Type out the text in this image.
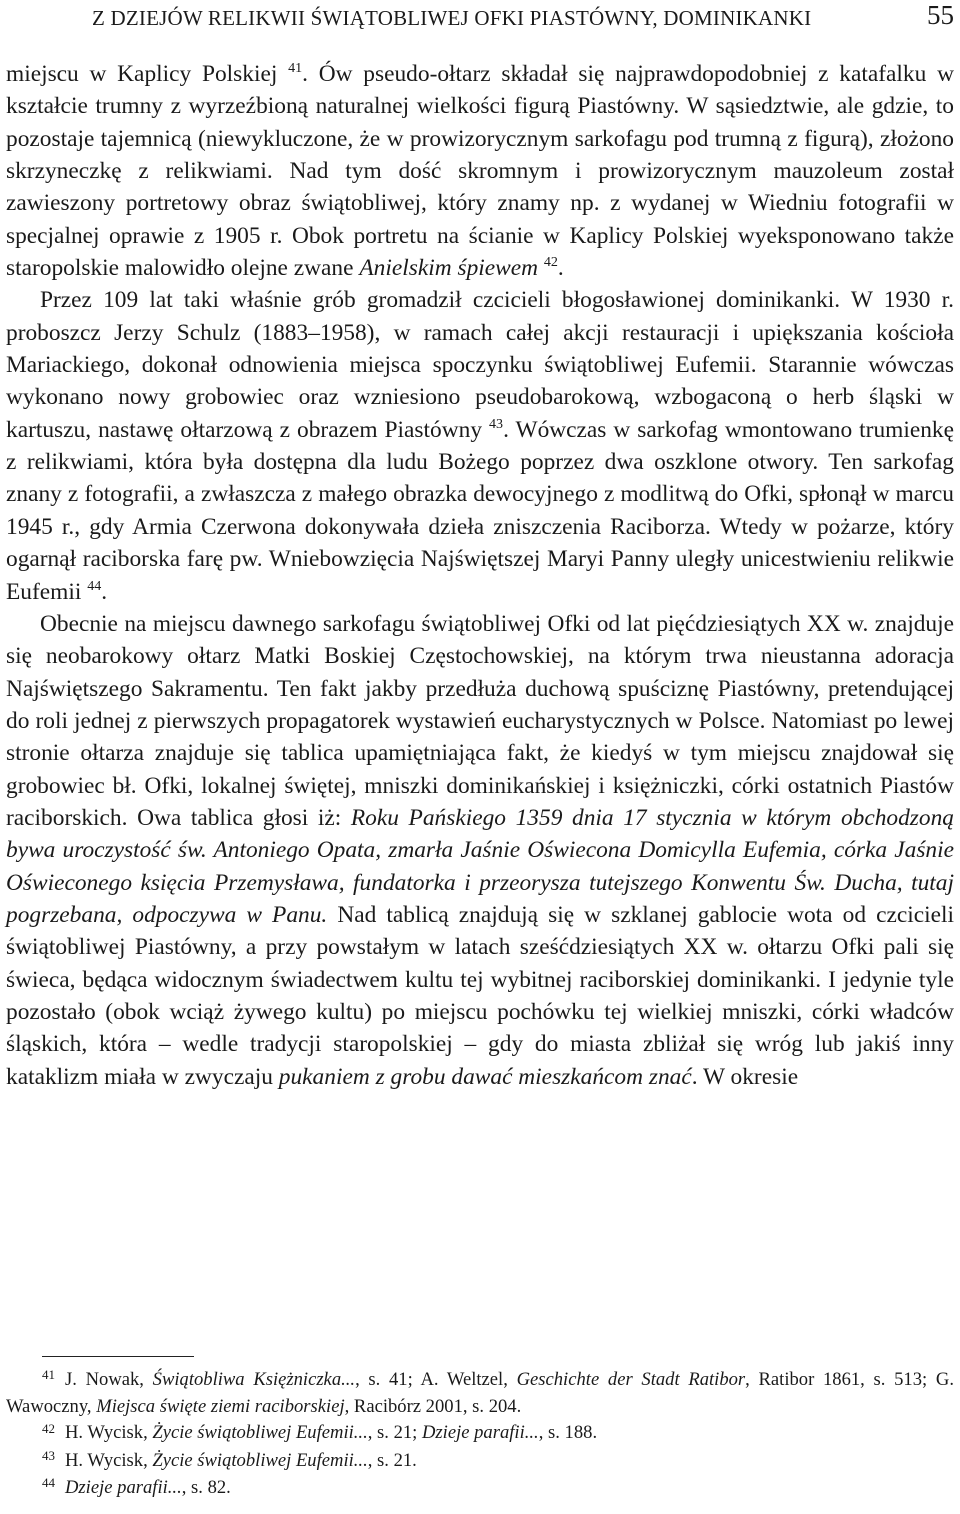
Z DZIEJÓW RELIKWII ŚWIĄTOBLIWEJ OFKI PIASTÓWNY, DOMINIKANKI	55

miejscu w Kaplicy Polskiej $^{41}$. Ów pseudo-ołtarz składał się najprawdopodobniej z katafalku w kształcie trumny z wyrzeźbioną naturalnej wielkości figurą Piastówny. W sąsiedztwie, ale gdzie, to pozostaje tajemnicą (niewykluczone, że w prowizorycznym sarkofagu pod trumną z figurą), złożono skrzyneczkę z relikwiami. Nad tym dość skromnym i prowizorycznym mauzoleum został zawieszony portretowy obraz świątobliwej, który znamy np. z wydanej w Wiedniu fotografii w specjalnej oprawie z 1905 r. Obok portretu na ścianie w Kaplicy Polskiej wyeksponowano także staropolskie malowidło olejne zwane Anielskim śpiewem $^{42}$.

Przez 109 lat taki właśnie grób gromadził czcicieli błogosławionej dominikanki. W 1930 r. proboszcz Jerzy Schulz (1883–1958), w ramach całej akcji restauracji i upiększania kościoła Mariackiego, dokonał odnowienia miejsca spoczynku świątobliwej Eufemii. Starannie wówczas wykonano nowy grobowiec oraz wzniesiono pseudobarokową, wzbogaconą o herb śląski w kartuszu, nastawę ołtarzową z obrazem Piastówny $^{43}$. Wówczas w sarkofag wmontowano trumienkę z relikwiami, która była dostępna dla ludu Bożego poprzez dwa oszklone otwory. Ten sarkofag znany z fotografii, a zwłaszcza z małego obrazka dewocyjnego z modlitwą do Ofki, spłonął w marcu 1945 r., gdy Armia Czerwona dokonywała dzieła zniszczenia Raciborza. Wtedy w pożarze, który ogarnął raciborska farę pw. Wniebowzięcia Najświętszej Maryi Panny uległy unicestwieniu relikwie Eufemii $^{44}$.

Obecnie na miejscu dawnego sarkofagu świątobliwej Ofki od lat pięćdziesiątych XX w. znajduje się neobarokowy ołtarz Matki Boskiej Częstochowskiej, na którym trwa nieustanna adoracja Najświętszego Sakramentu. Ten fakt jakby przedłuża duchową spuściznę Piastówny, pretendującej do roli jednej z pierwszych propagatorek wystawień eucharystycznych w Polsce. Natomiast po lewej stronie ołtarza znajduje się tablica upamiętniająca fakt, że kiedyś w tym miejscu znajdował się grobowiec bł. Ofki, lokalnej świętej, mniszki dominikańskiej i księżniczki, córki ostatnich Piastów raciborskich. Owa tablica głosi iż: Roku Pańskiego 1359 dnia 17 stycznia w którym obchodzoną bywa uroczystość św. Antoniego Opata, zmarła Jaśnie Oświecona Domicylla Eufemia, córka Jaśnie Oświeconego księcia Przemysława, fundatorka i przeorysza tutejszego Konwentu Św. Ducha, tutaj pogrzebana, odpoczywa w Panu. Nad tablicą znajdują się w szklanej gablocie wota od czcicieli świątobliwej Piastówny, a przy powstałym w latach sześćdziesiątych XX w. ołtarzu Ofki pali się świeca, będąca widocznym świadectwem kultu tej wybitnej raciborskiej dominikanki. I jedynie tyle pozostało (obok wciąż żywego kultu) po miejscu pochówku tej wielkiej mniszki, córki władców śląskich, która – wedle tradycji staropolskiej – gdy do miasta zbliżał się wróg lub jakiś inny kataklizm miała w zwyczaju pukaniem z grobu dawać mieszkańcom znać. W okresie

$^{41}$ J. Nowak, Świątobliwa Księżniczka..., s. 41; A. Weltzel, Geschichte der Stadt Ratibor, Ratibor 1861, s. 513; G. Wawoczny, Miejsca święte ziemi raciborskiej, Racibórz 2001, s. 204.

$^{42}$ H. Wycisk, Życie świątobliwej Eufemii..., s. 21; Dzieje parafii..., s. 188.

$^{43}$ H. Wycisk, Życie świątobliwej Eufemii..., s. 21.

$^{44}$ Dzieje parafii..., s. 82.
